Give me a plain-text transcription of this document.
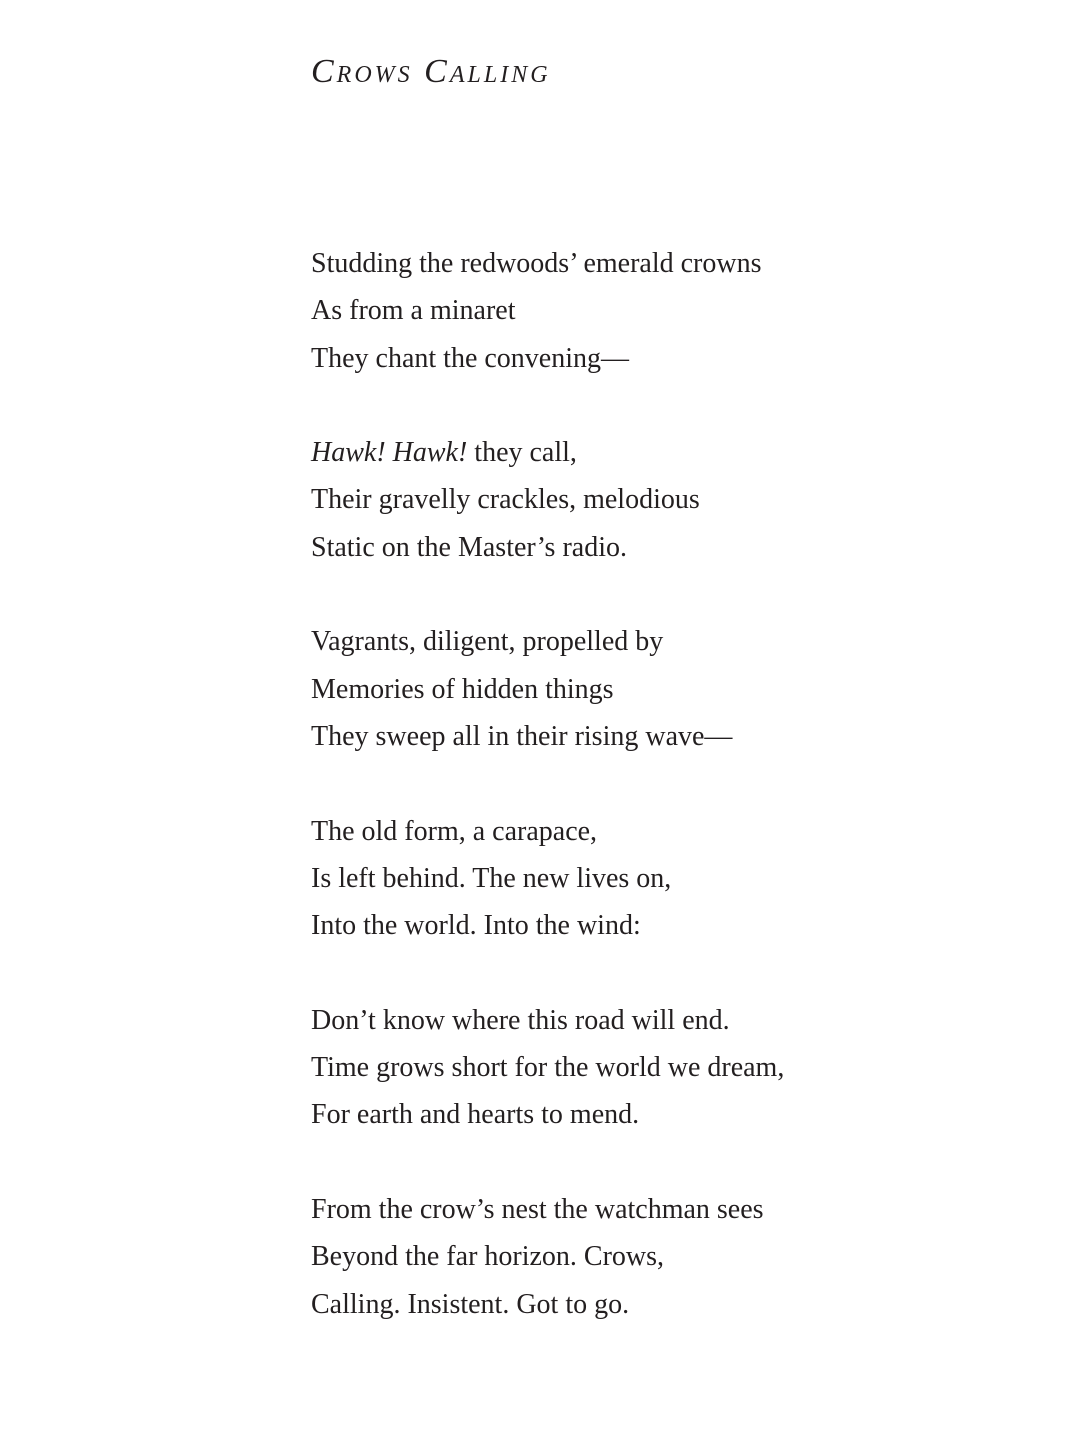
Crows Calling
Studding the redwoods’ emerald crowns
As from a minaret
They chant the convening—
Hawk! Hawk! they call,
Their gravelly crackles, melodious
Static on the Master’s radio.
Vagrants, diligent, propelled by
Memories of hidden things
They sweep all in their rising wave—
The old form, a carapace,
Is left behind. The new lives on,
Into the world. Into the wind:
Don’t know where this road will end.
Time grows short for the world we dream,
For earth and hearts to mend.
From the crow’s nest the watchman sees
Beyond the far horizon. Crows,
Calling. Insistent. Got to go.
